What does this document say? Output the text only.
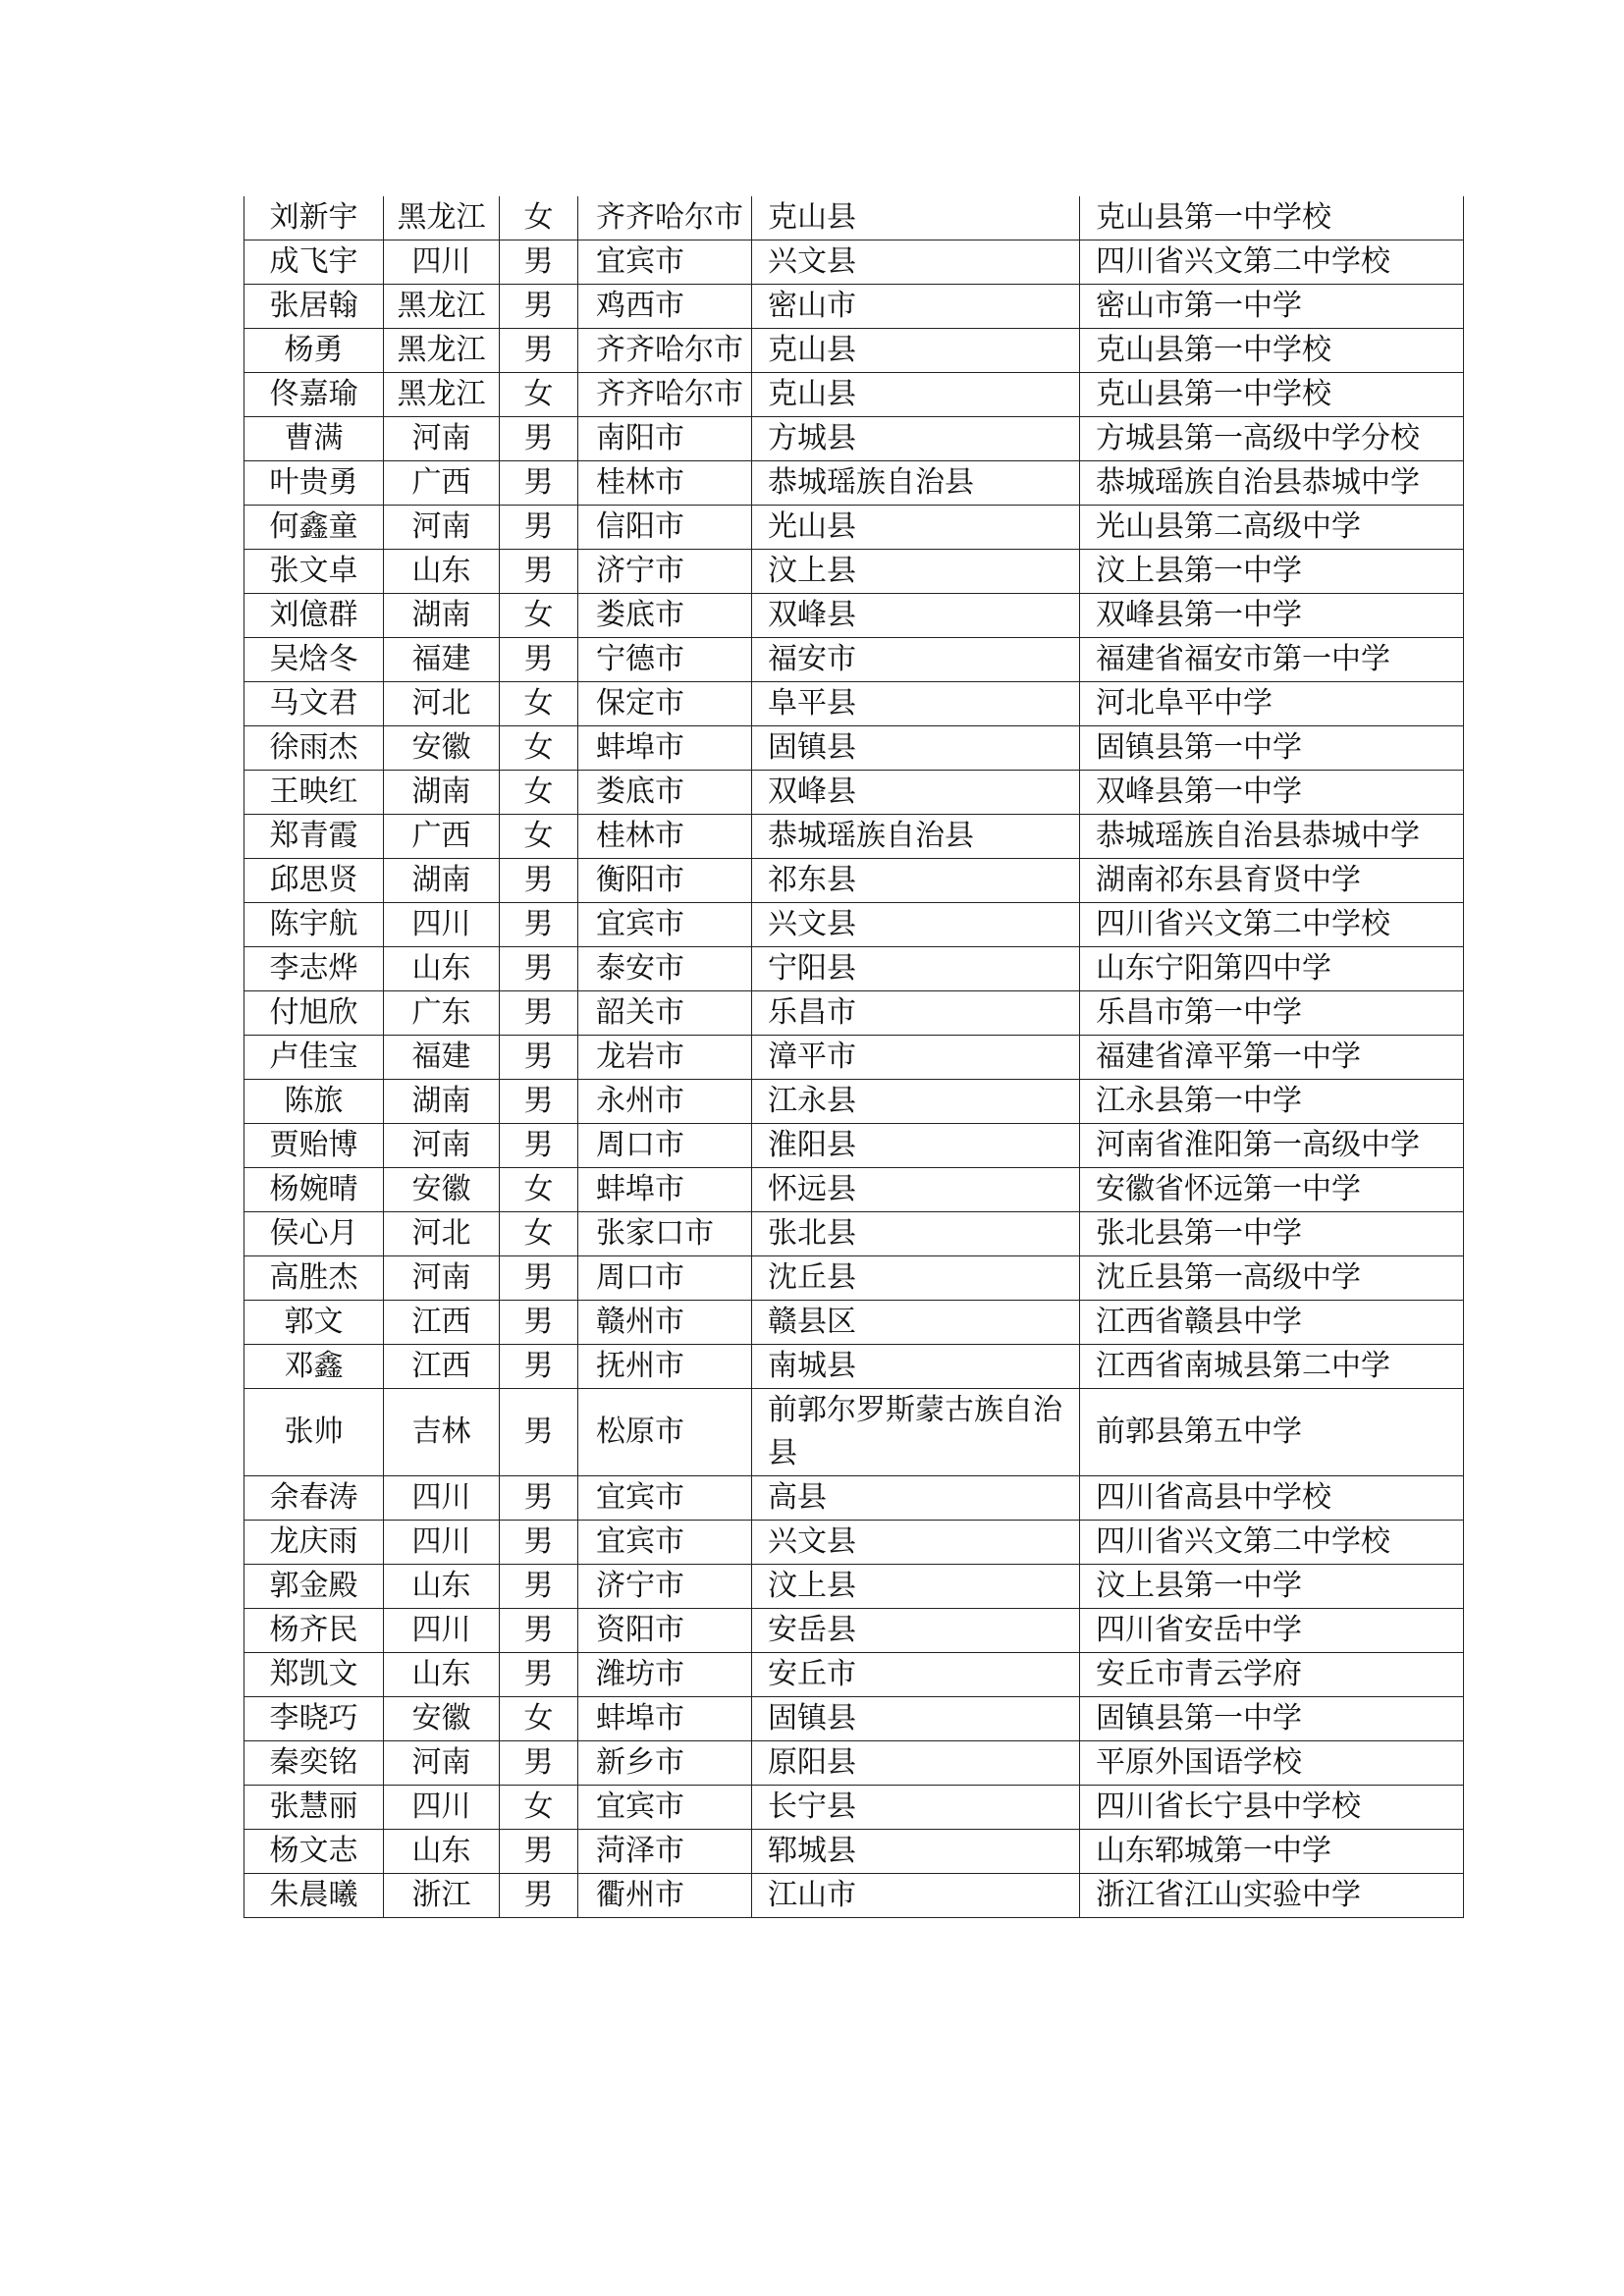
刘新宇	黑龙江	女	齐齐哈尔市	克山县	克山县第一中学校
成飞宇	四川	男	宜宾市	兴文县	四川省兴文第二中学校
张居翰	黑龙江	男	鸡西市	密山市	密山市第一中学
杨勇	黑龙江	男	齐齐哈尔市	克山县	克山县第一中学校
佟嘉瑜	黑龙江	女	齐齐哈尔市	克山县	克山县第一中学校
曹满	河南	男	南阳市	方城县	方城县第一高级中学分校
叶贵勇	广西	男	桂林市	恭城瑶族自治县	恭城瑶族自治县恭城中学
何鑫童	河南	男	信阳市	光山县	光山县第二高级中学
张文卓	山东	男	济宁市	汶上县	汶上县第一中学
刘億群	湖南	女	娄底市	双峰县	双峰县第一中学
吴焓冬	福建	男	宁德市	福安市	福建省福安市第一中学
马文君	河北	女	保定市	阜平县	河北阜平中学
徐雨杰	安徽	女	蚌埠市	固镇县	固镇县第一中学
王映红	湖南	女	娄底市	双峰县	双峰县第一中学
郑青霞	广西	女	桂林市	恭城瑶族自治县	恭城瑶族自治县恭城中学
邱思贤	湖南	男	衡阳市	祁东县	湖南祁东县育贤中学
陈宇航	四川	男	宜宾市	兴文县	四川省兴文第二中学校
李志烨	山东	男	泰安市	宁阳县	山东宁阳第四中学
付旭欣	广东	男	韶关市	乐昌市	乐昌市第一中学
卢佳宝	福建	男	龙岩市	漳平市	福建省漳平第一中学
陈旅	湖南	男	永州市	江永县	江永县第一中学
贾贻博	河南	男	周口市	淮阳县	河南省淮阳第一高级中学
杨婉晴	安徽	女	蚌埠市	怀远县	安徽省怀远第一中学
侯心月	河北	女	张家口市	张北县	张北县第一中学
高胜杰	河南	男	周口市	沈丘县	沈丘县第一高级中学
郭文	江西	男	赣州市	赣县区	江西省赣县中学
邓鑫	江西	男	抚州市	南城县	江西省南城县第二中学
张帅	吉林	男	松原市	前郭尔罗斯蒙古族自治县	前郭县第五中学
余春涛	四川	男	宜宾市	高县	四川省高县中学校
龙庆雨	四川	男	宜宾市	兴文县	四川省兴文第二中学校
郭金殿	山东	男	济宁市	汶上县	汶上县第一中学
杨齐民	四川	男	资阳市	安岳县	四川省安岳中学
郑凯文	山东	男	潍坊市	安丘市	安丘市青云学府
李晓巧	安徽	女	蚌埠市	固镇县	固镇县第一中学
秦奕铭	河南	男	新乡市	原阳县	平原外国语学校
张慧丽	四川	女	宜宾市	长宁县	四川省长宁县中学校
杨文志	山东	男	菏泽市	郓城县	山东郓城第一中学
朱晨曦	浙江	男	衢州市	江山市	浙江省江山实验中学
